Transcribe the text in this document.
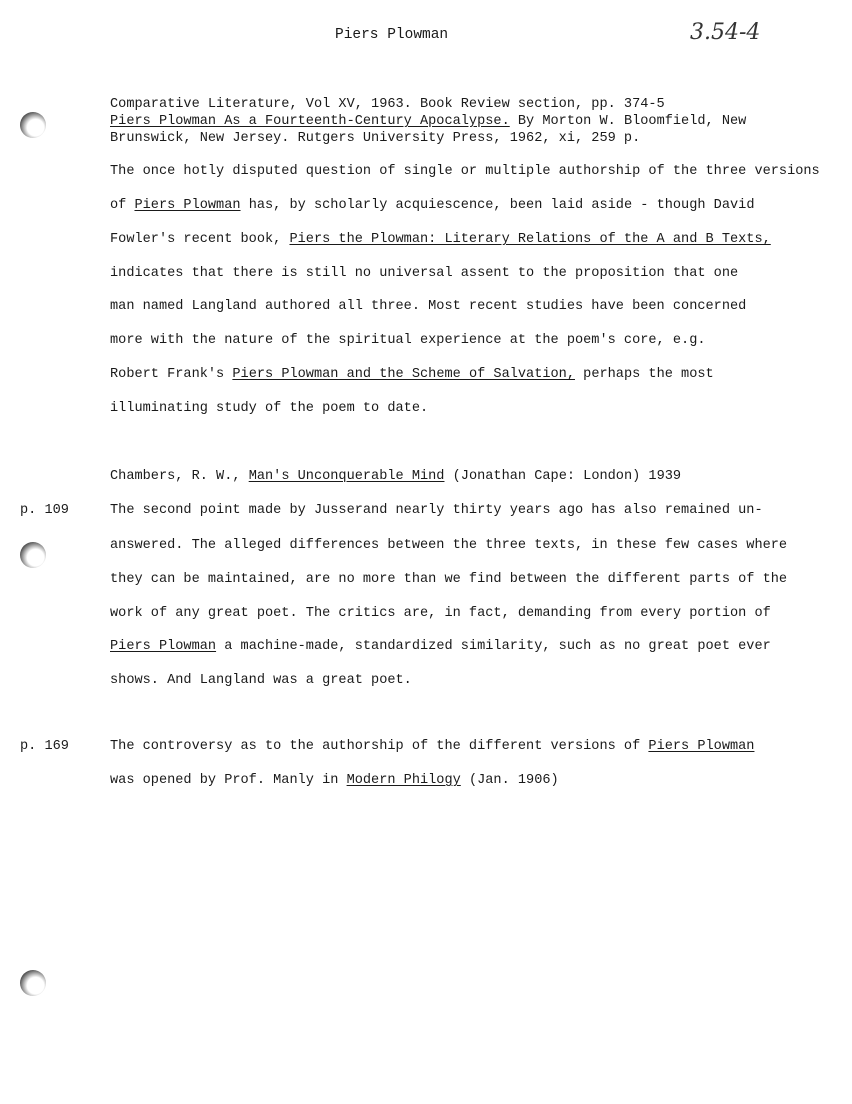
Piers Plowman	3.54-4
Comparative Literature, Vol XV, 1963. Book Review section, pp. 374-5
Piers Plowman As a Fourteenth-Century Apocalypse. By Morton W. Bloomfield, New
Brunswick, New Jersey. Rutgers University Press, 1962, xi, 259 p.
The once hotly disputed question of single or multiple authorship of the three versions
of Piers Plowman has, by scholarly acquiescence, been laid aside - though David
Fowler's recent book, Piers the Plowman: Literary Relations of the A and B Texts,
indicates that there is still no universal assent to the proposition that one
man named Langland authored all three. Most recent studies have been concerned
more with the nature of the spiritual experience at the poem's core, e.g.
Robert Frank's Piers Plowman and the Scheme of Salvation, perhaps the most
illuminating study of the poem to date.
Chambers, R. W., Man's Unconquerable Mind (Jonathan Cape: London) 1939
p. 109	The second point made by Jusserand nearly thirty years ago has also remained un-
answered. The alleged differences between the three texts, in these few cases where
they can be maintained, are no more than we find between the different parts of the
work of any great poet. The critics are, in fact, demanding from every portion of
Piers Plowman a machine-made, standardized similarity, such as no great poet ever
shows. And Langland was a great poet.
p. 169	The controversy as to the authorship of the different versions of Piers Plowman
was opened by Prof. Manly in Modern Philogy (Jan. 1906)
